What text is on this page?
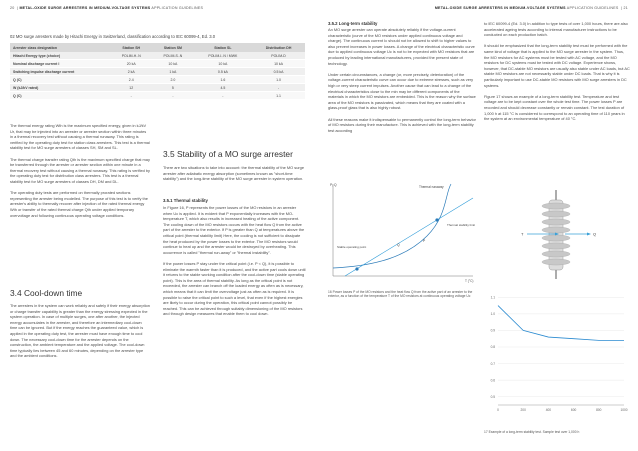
20  | METAL-OXIDE SURGE ARRESTERS IN MEDIUM-VOLTAGE SYSTEMS APPLICATION GUIDELINES
02 MO surge arresters made by Hitachi Energy in Switzerland, classification according to IEC 60099-4, Ed. 3.0
Arrester class designation	Station SH	Station SM	Station SL	Distribution DH
Hitachi Energy type (choice)	POLIM-H..N	POLIM-S..N	POLIM-I..N / MWK	POLIM-D
Nominal discharge current I	20 kA	10 kA	10 kA	10 kA
Switching impulse discharge current	2 kA	1 kA	0.5 kA	0.5 kA
Q (C)	2.4	2.0	1.6	1.0
W (kJ/kV rated)	12	5	4.5	-
Q (C)	-	-	-	1.1

The thermal energy rating Wth is the maximum specified energy, given in kJ/kV Ur, that may be injected into an arrester or arrester section within three minutes in a thermal recovery test without causing a thermal runaway. This rating is verified by the operating duty test for station class arresters. This test is a thermal stability test for MO surge arresters of classes SH, SM and SL.

The thermal charge transfer rating Qth is the maximum specified charge that may be transferred through the arrester or arrester section within one minute in a thermal recovery test without causing a thermal runaway. This rating is verified by the operating duty test for distribution class arresters. This test is a thermal stability test for MO surge arresters of classes DH, DM and DL.

The operating duty tests are performed on thermally prorated sections representing the arrester being modelled. The purpose of this test is to verify the arrester's ability to thermally recover after injection of the rated thermal energy Wth or transfer of the rated thermal charge Qth under applied temporary overvoltage and following continuous operating voltage conditions.

3.4 Cool-down time

The arresters in the system can work reliably and safely if their energy absorption or charge transfer capability is greater than the energy stressing expected in the system operation. In case of multiple surges, one after another, the injected energy accumulates in the arrester, and therefore an intermediary cool-down time can be ignored. But if the energy reaches the guaranteed value, which is applied in the operating duty test, the arrester must have enough time to cool down. The necessary cool-down time for the arrester depends on the construction, the ambient temperature and the applied voltage. The cool-down time typically lies between 45 and 60 minutes, depending on the arrester type and the ambient conditions.

3.5 Stability of a MO surge arrester

There are two situations to take into account: the thermal stability of the MO surge arrester after adiabatic energy absorption (sometimes known as "short-time stability") and the long-time stability of the MO surge arrester in system operation.

3.5.1 Thermal stability

In Figure 16, P represents the power losses of the MO resistors in an arrester when Uc is applied. It is evident that P exponentially increases with the MO-temperature T, which also results in increased heating of the active component. The cooling down of the MO resistors occurs with the heat flow Q from the active part of the arrester to the exterior. If P is greater than Q at temperatures above the critical point (thermal stability limit) Here, the cooling is not sufficient to dissipate the heat produced by the power losses to the exterior. The MO resistors would continue to heat up and the arrester would be destroyed by overheating. This occurrence is called "thermal run-away" or "thermal instability".

If the power losses P stay under the critical point (i.e. P < Q), it is possible to eliminate the warmth faster than it is produced, and the active part cools down until it returns to the stable working condition after the cool-down time (stable operating point). This is the area of thermal stability. As long as the critical point is not exceeded, the arrester can branch off the loaded energy as often as is necessary, which means that it can limit the overvoltage just as often as is required. It is possible to raise the critical point to such a level, that even if the highest energies are likely to occur during the operation, this critical point cannot possibly be reached. This can be achieved through suitably dimensioning of the MO resistors and through design measures that enable them to cool down.

METAL-OXIDE SURGE ARRESTERS IN MEDIUM-VOLTAGE SYSTEMS APPLICATION GUIDELINES  | 21
3.5.2 Long-term stability

An MO surge arrester can operate absolutely reliably if the voltage-current characteristic (curve of the MO resistors under applied continuous voltage and charge). The continuous current Ic should not be allowed to shift to higher values to also prevent increases in power losses. A change of the electrical characteristic curve due to applied continuous voltage Uc is not to be expected with MO resistors that are produced by leading international manufacturers, provided the present state of technology.

Under certain circumstances, a change (or, more precisely, deterioration) of the voltage-current characteristic curve can occur due to extreme stresses, such as very high or very steep current impulses. Another cause that can lead to a change of the electrical characteristics close to the min may be different components of the materials in which the MO resistors are embedded. This is the reason why the surface area of the MO resistors is passivated, which means that they are coated with a glass-proof glass that is also highly robust.

All these reasons make it indispensable to permanently control the long-term behavior of MO resistors during their manufacture. This is achieved with the long-term stability test according

to IEC 60099-4 (Ed. 3.0) In addition to type tests of over 1,000 hours, there are also accelerated ageing tests according to internal manufacturer instructions to be conducted on each production batch.

It should be emphasized that the long-term stability test must be performed with the same kind of voltage that is applied to the MO surge arrester in the system. Thus, the MO resistors for AC systems must be tested with AC voltage, and the MO resistors for DC systems must be tested with DC voltage. Experience shows, however, that DC-stable MO resistors are usually also stable under AC loads, but AC stable MO resistors are not necessarily stable under DC loads. That is why it is particularly important to use DC-stable MO resistors with MO surge arresters in DC systems.

Figure 17 shows an example of a long-term stability test. Temperature and test voltage are to be kept constant over the whole test time. The power losses P are recorded and should decrease constantly or remain constant. The test duration of 1,000 h at 115 °C is considered to correspond to an operating time of 110 years in the system at an environmental temperature of 40 °C.

P, Q
T (°C)
Thermal runaway
Thermal stability limit
Stable operating point
P
Q
16 Power losses P of the MO resistors and the heat flow Q from the active part of an arrester to the exterior, as a function of the temperature T of the MO resistors at continuous operating voltage Uc
T	Q
0.5
0.6
0.7
0.8
0.9
1.0
1.1
0	200	400	600	800	1000
17 Example of a long-term stability test. Sample test over 1,000 h
